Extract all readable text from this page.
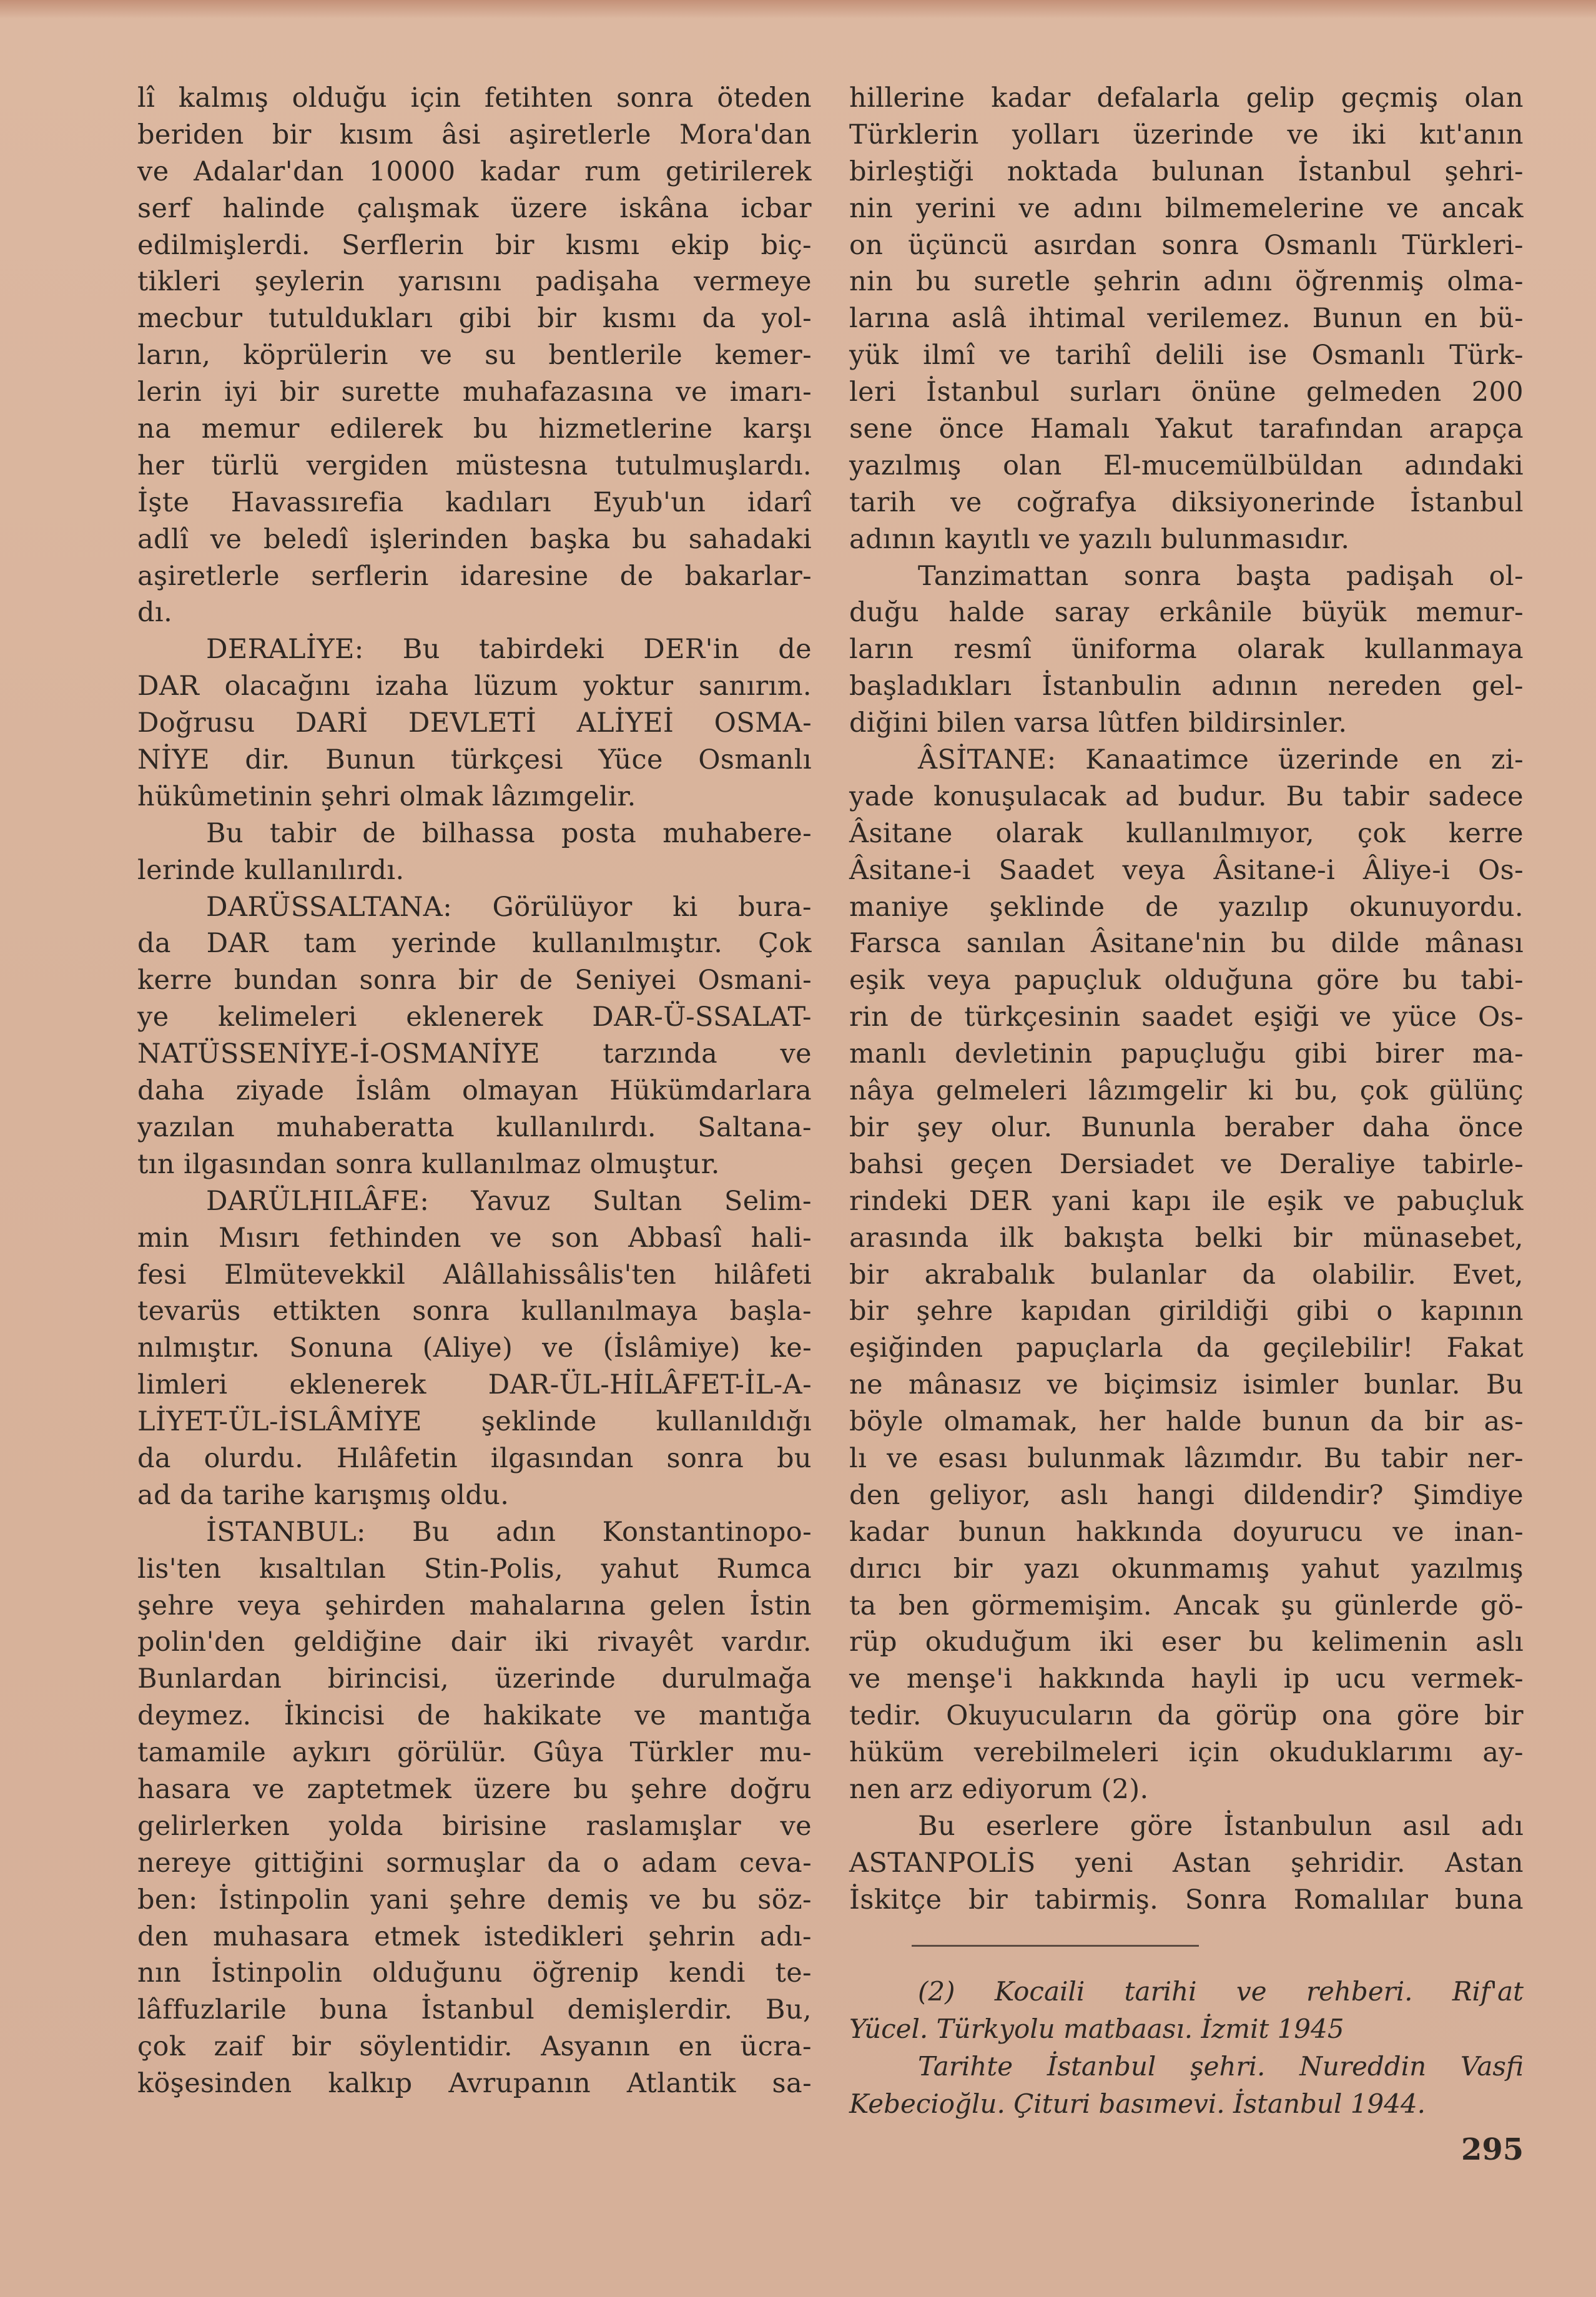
lî kalmış olduğu için fetihten sonra öteden
beriden bir kısım âsi aşiretlerle Mora'dan
ve Adalar'dan 10000 kadar rum getirilerek
serf halinde çalışmak üzere iskâna icbar
edilmişlerdi. Serflerin bir kısmı ekip biç-
tikleri şeylerin yarısını padişaha vermeye
mecbur tutuldukları gibi bir kısmı da yol-
ların, köprülerin ve su bentlerile kemer-
lerin iyi bir surette muhafazasına ve imarı-
na memur edilerek bu hizmetlerine karşı
her türlü vergiden müstesna tutulmuşlardı.
İşte Havassırefia kadıları Eyub'un idarî
adlî ve beledî işlerinden başka bu sahadaki
aşiretlerle serflerin idaresine de bakarlar-
dı.
DERALİYE: Bu tabirdeki DER'in de
DAR olacağını izaha lüzum yoktur sanırım.
Doğrusu DARİ DEVLETİ ALİYEİ OSMA-
NİYE dir. Bunun türkçesi Yüce Osmanlı
hükûmetinin şehri olmak lâzımgelir.
Bu tabir de bilhassa posta muhabere-
lerinde kullanılırdı.
DARÜSSALTANA: Görülüyor ki bura-
da DAR tam yerinde kullanılmıştır. Çok
kerre bundan sonra bir de Seniyei Osmani-
ye kelimeleri eklenerek DAR-Ü-SSALAT-
NATÜSSENİYE-İ-OSMANİYE tarzında ve
daha ziyade İslâm olmayan Hükümdarlara
yazılan muhaberatta kullanılırdı. Saltana-
tın ilgasından sonra kullanılmaz olmuştur.
DARÜLHILÂFE: Yavuz Sultan Selim-
min Mısırı fethinden ve son Abbasî hali-
fesi Elmütevekkil Alâllahissâlis'ten hilâfeti
tevarüs ettikten sonra kullanılmaya başla-
nılmıştır. Sonuna (Aliye) ve (İslâmiye) ke-
limleri eklenerek DAR-ÜL-HİLÂFET-İL-A-
LİYET-ÜL-İSLÂMİYE şeklinde kullanıldığı
da olurdu. Hılâfetin ilgasından sonra bu
ad da tarihe karışmış oldu.
İSTANBUL: Bu adın Konstantinopo-
lis'ten kısaltılan Stin-Polis, yahut Rumca
şehre veya şehirden mahalarına gelen İstin
polin'den geldiğine dair iki rivayêt vardır.
Bunlardan birincisi, üzerinde durulmağa
deymez. İkincisi de hakikate ve mantığa
tamamile aykırı görülür. Gûya Türkler mu-
hasara ve zaptetmek üzere bu şehre doğru
gelirlerken yolda birisine raslamışlar ve
nereye gittiğini sormuşlar da o adam ceva-
ben: İstinpolin yani şehre demiş ve bu söz-
den muhasara etmek istedikleri şehrin adı-
nın İstinpolin olduğunu öğrenip kendi te-
lâffuzlarile buna İstanbul demişlerdir. Bu,
çok zaif bir söylentidir. Asyanın en ücra-
köşesinden kalkıp Avrupanın Atlantik sa-
hillerine kadar defalarla gelip geçmiş olan
Türklerin yolları üzerinde ve iki kıt'anın
birleştiği noktada bulunan İstanbul şehri-
nin yerini ve adını bilmemelerine ve ancak
on üçüncü asırdan sonra Osmanlı Türkleri-
nin bu suretle şehrin adını öğrenmiş olma-
larına aslâ ihtimal verilemez. Bunun en bü-
yük ilmî ve tarihî delili ise Osmanlı Türk-
leri İstanbul surları önüne gelmeden 200
sene önce Hamalı Yakut tarafından arapça
yazılmış olan El-mucemülbüldan adındaki
tarih ve coğrafya diksiyonerinde İstanbul
adının kayıtlı ve yazılı bulunmasıdır.
Tanzimattan sonra başta padişah ol-
duğu halde saray erkânile büyük memur-
ların resmî üniforma olarak kullanmaya
başladıkları İstanbulin adının nereden gel-
diğini bilen varsa lûtfen bildirsinler.
ÂSİTANE: Kanaatimce üzerinde en zi-
yade konuşulacak ad budur. Bu tabir sadece
Âsitane olarak kullanılmıyor, çok kerre
Âsitane-i Saadet veya Âsitane-i Âliye-i Os-
maniye şeklinde de yazılıp okunuyordu.
Farsca sanılan Âsitane'nin bu dilde mânası
eşik veya papuçluk olduğuna göre bu tabi-
rin de türkçesinin saadet eşiği ve yüce Os-
manlı devletinin papuçluğu gibi birer ma-
nâya gelmeleri lâzımgelir ki bu, çok gülünç
bir şey olur. Bununla beraber daha önce
bahsi geçen Dersiadet ve Deraliye tabirle-
rindeki DER yani kapı ile eşik ve pabuçluk
arasında ilk bakışta belki bir münasebet,
bir akrabalık bulanlar da olabilir. Evet,
bir şehre kapıdan girildiği gibi o kapının
eşiğinden papuçlarla da geçilebilir! Fakat
ne mânasız ve biçimsiz isimler bunlar. Bu
böyle olmamak, her halde bunun da bir as-
lı ve esası bulunmak lâzımdır. Bu tabir ner-
den geliyor, aslı hangi dildendir? Şimdiye
kadar bunun hakkında doyurucu ve inan-
dırıcı bir yazı okunmamış yahut yazılmış
ta ben görmemişim. Ancak şu günlerde gö-
rüp okuduğum iki eser bu kelimenin aslı
ve menşe'i hakkında hayli ip ucu vermek-
tedir. Okuyucuların da görüp ona göre bir
hüküm verebilmeleri için okuduklarımı ay-
nen arz ediyorum (2).
Bu eserlere göre İstanbulun asıl adı
ASTANPOLİS yeni Astan şehridir. Astan
İskitçe bir tabirmiş. Sonra Romalılar buna
(2) Kocaili tarihi ve rehberi. Rif'at
Yücel. Türkyolu matbaası. İzmit 1945
Tarihte İstanbul şehri. Nureddin Vasfi
Kebecioğlu. Çituri basımevi. İstanbul 1944.
295
